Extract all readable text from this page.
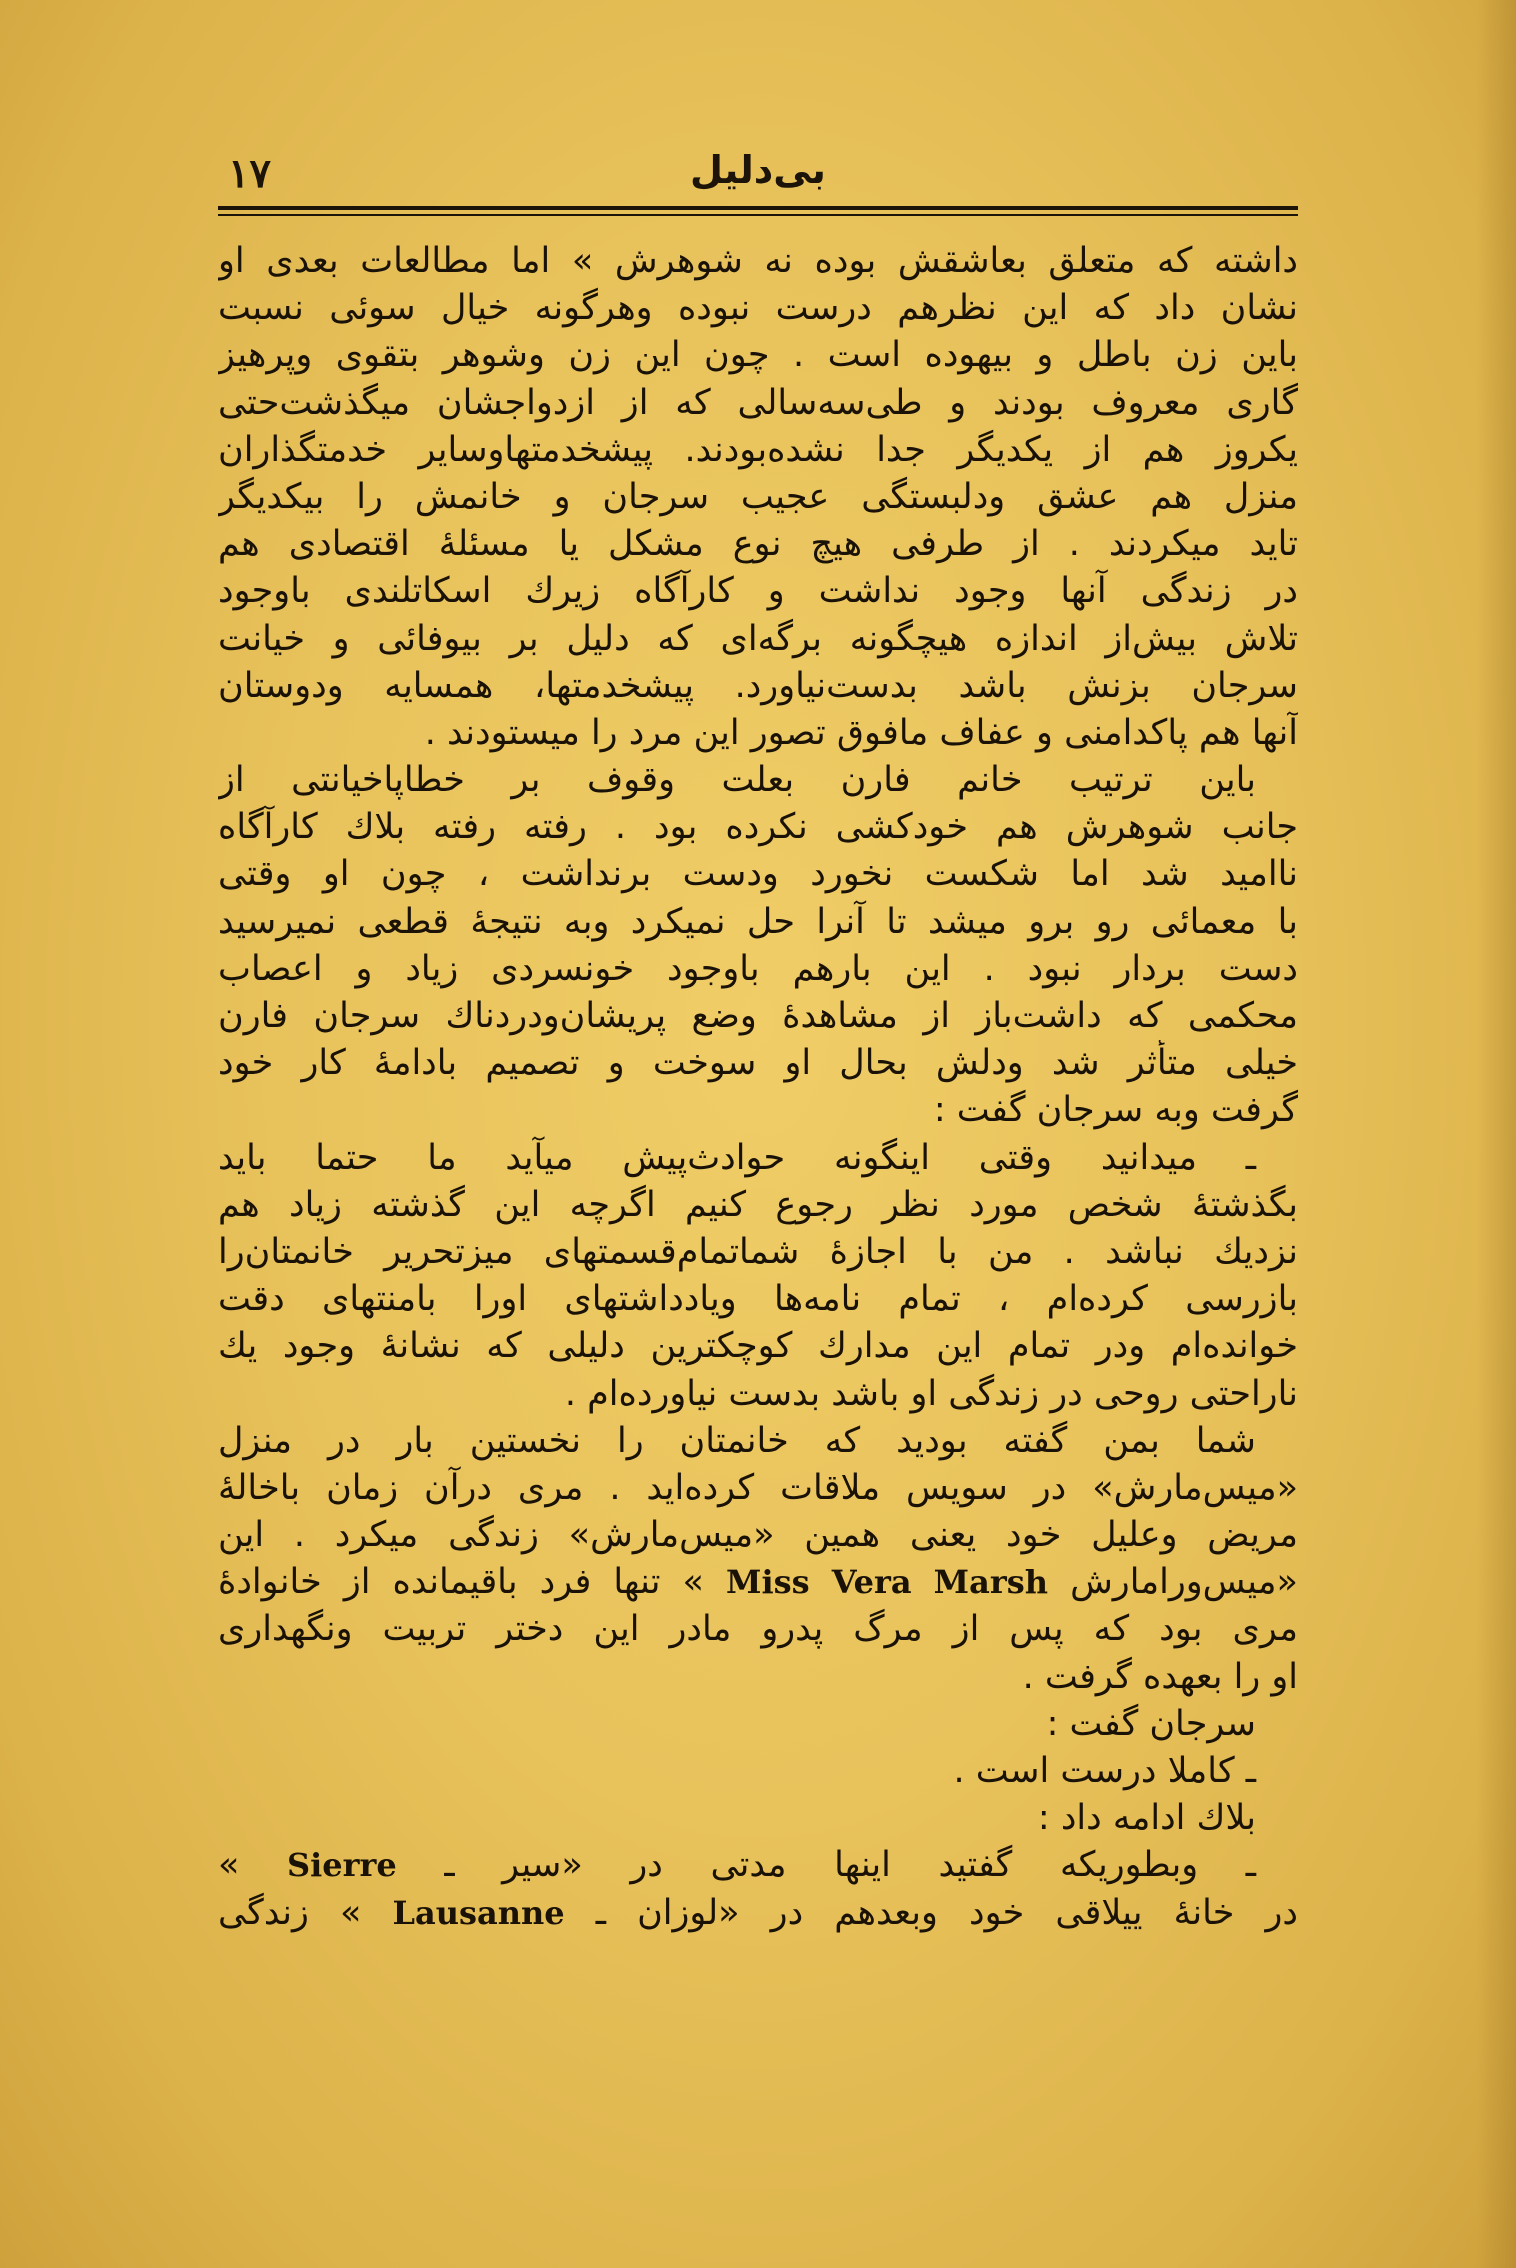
۱۷	بی‌دلیل
داشته که متعلق بعاشقش بوده نه شوهرش » اما مطالعات بعدی او
نشان داد که این نظرهم درست نبوده وهرگونه خیال سوئی نسبت
باین زن باطل و بیهوده است . چون این زن وشوهر بتقوی وپرهیز
گاری معروف بودند و طی‌سه‌سالی که از ازدواجشان میگذشت‌حتی
یکروز هم از یکدیگر جدا نشده‌بودند. پیشخدمتهاوسایر خدمتگذاران
منزل هم عشق ودلبستگی عجیب سرجان و خانمش را بیکدیگر
تاید میکردند . از طرفی هیچ نوع مشکل یا مسئلهٔ اقتصادی هم
در زندگی آنها وجود نداشت و کارآگاه زیرك اسکاتلندی باوجود
تلاش بیش‌از اندازه هیچگونه برگه‌ای که دلیل بر بیوفائی و خیانت
سرجان بزنش باشد بدست‌نیاورد. پیشخدمتها، همسایه ودوستان
آنها هم پاکدامنی و عفاف مافوق تصور این مرد را میستودند .
باین ترتیب خانم فارن بعلت وقوف بر خطاپاخیانتی از
جانب شوهرش هم خودکشی نکرده بود . رفته رفته بلاك کارآگاه
ناامید شد اما شکست نخورد ودست برنداشت ، چون او وقتی
با معمائی رو برو میشد تا آنرا حل نمیکرد وبه نتیجهٔ قطعی نمیرسید
دست بردار نبود . این بارهم باوجود خونسردی زیاد و اعصاب
محکمی که داشت‌باز از مشاهدهٔ وضع پریشان‌ودردناك سرجان فارن
خیلی متأثر شد ودلش بحال او سوخت و تصمیم بادامهٔ کار خود
گرفت وبه سرجان گفت :
ـ میدانید وقتی اینگونه حوادث‌پیش میآید ما حتما باید
بگذشتهٔ شخص مورد نظر رجوع کنیم اگرچه این گذشته زیاد هم
نزدیك نباشد . من با اجازهٔ شماتمام‌قسمتهای میزتحریر خانمتان‌را
بازرسی کرده‌ام ، تمام نامه‌ها ویادداشتهای اورا بامنتهای دقت
خوانده‌ام ودر تمام این مدارك کوچکترین دلیلی که نشانهٔ وجود یك
ناراحتی روحی در زندگی او باشد بدست نیاورده‌ام .
شما بمن گفته بودید که خانمتان را نخستین بار در منزل
«میس‌مارش» در سویس ملاقات کرده‌اید . مری درآن زمان باخالهٔ
مریض وعلیل خود یعنی همین «میس‌مارش» زندگی میکرد . این
«میس‌ورامارش Miss Vera Marsh » تنها فرد باقیمانده از خانوادهٔ
مری بود که پس از مرگ پدرو مادر این دختر تربیت ونگهداری
او را بعهده گرفت .
سرجان گفت :
ـ کاملا درست است .
بلاك ادامه داد :
ـ وبطوریکه گفتید اینها مدتی در «سیر ـ Sierre »
در خانهٔ ییلاقی خود وبعدهم در «لوزان ـ Lausanne » زندگی
